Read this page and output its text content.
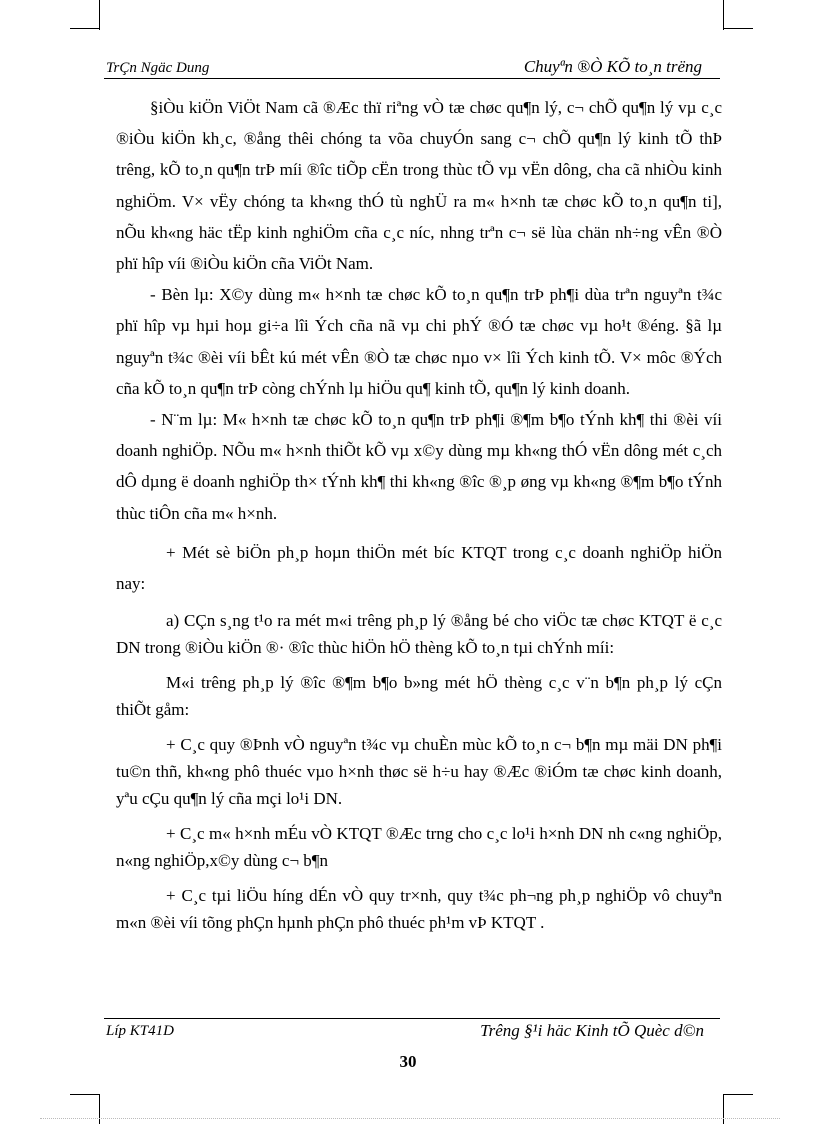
TrÇn Ngäc Dung	Chuyªn ®Ò KÕ to¸n trëng

§iÒu kiÖn ViÖt Nam cã ®Æc thï riªng vÒ tæ chøc qu¶n lý, c¬ chÕ qu¶n lý vµ c¸c ®iÒu kiÖn kh¸c, ®ång thêi chóng ta võa chuyÓn sang c¬ chÕ qu¶n lý kinh tÕ thÞ trêng, kÕ to¸n qu¶n trÞ míi ®îc tiÕp cËn trong thùc tÕ vµ vËn dông, cha cã nhiÒu kinh nghiÖm. V× vËy chóng ta kh«ng thÓ tù nghÜ ra m« h×nh tæ chøc kÕ to¸n qu¶n ti], nÕu kh«ng häc tËp kinh nghiÖm cña c¸c níc, nhng trªn c¬ së lùa chän nh÷ng vÊn ®Ò phï hîp víi ®iÒu kiÖn cña ViÖt Nam.

- Bèn lµ: X©y dùng m« h×nh tæ chøc kÕ to¸n qu¶n trÞ ph¶i dùa trªn nguyªn t¾c phï hîp vµ hµi hoµ gi÷a lîi Ých cña nã vµ chi phÝ ®Ó tæ chøc vµ ho¹t ®éng. §ã lµ nguyªn t¾c ®èi víi bÊt kú mét vÊn ®Ò tæ chøc nµo v× lîi Ých kinh tÕ. V× môc ®Ých cña kÕ to¸n qu¶n trÞ còng chÝnh lµ hiÖu qu¶ kinh tÕ, qu¶n lý kinh doanh.

- N¨m lµ: M« h×nh tæ chøc kÕ to¸n qu¶n trÞ ph¶i ®¶m b¶o tÝnh kh¶ thi ®èi víi doanh nghiÖp. NÕu m« h×nh thiÕt kÕ vµ x©y dùng mµ kh«ng thÓ vËn dông mét c¸ch dÔ dµng ë doanh nghiÖp th× tÝnh kh¶ thi kh«ng ®îc ®¸p øng vµ kh«ng ®¶m b¶o tÝnh thùc tiÔn cña m« h×nh.

+ Mét sè biÖn ph¸p hoµn thiÖn mét bíc KTQT trong c¸c doanh nghiÖp hiÖn nay:

a) CÇn s¸ng t¹o ra mét m«i trêng ph¸p lý ®ång bé cho viÖc tæ chøc KTQT ë c¸c DN trong ®iÒu kiÖn ®· ®îc thùc hiÖn hÖ thèng kÕ to¸n tµi chÝnh míi:

M«i trêng ph¸p lý ®îc ®¶m b¶o b»ng mét hÖ thèng c¸c v¨n b¶n ph¸p lý cÇn thiÕt gåm:

+ C¸c quy ®Þnh vÒ nguyªn t¾c vµ chuÈn mùc kÕ to¸n c¬ b¶n mµ mäi DN ph¶i tu©n thñ, kh«ng phô thuéc vµo h×nh thøc së h÷u hay ®Æc ®iÓm tæ chøc kinh doanh, yªu cÇu qu¶n lý cña mçi lo¹i DN.

+ C¸c m« h×nh mÉu vÒ KTQT ®Æc trng cho c¸c lo¹i h×nh DN nh c«ng nghiÖp, n«ng nghiÖp,x©y dùng c¬ b¶n

+ C¸c tµi liÖu híng dÉn vÒ quy tr×nh, quy t¾c ph¬ng ph¸p nghiÖp vô chuyªn m«n ®èi víi tõng phÇn hµnh phÇn phô thuéc ph¹m vÞ KTQT .

Líp KT41D	Trêng §¹i häc Kinh tÕ Quèc d©n
30
